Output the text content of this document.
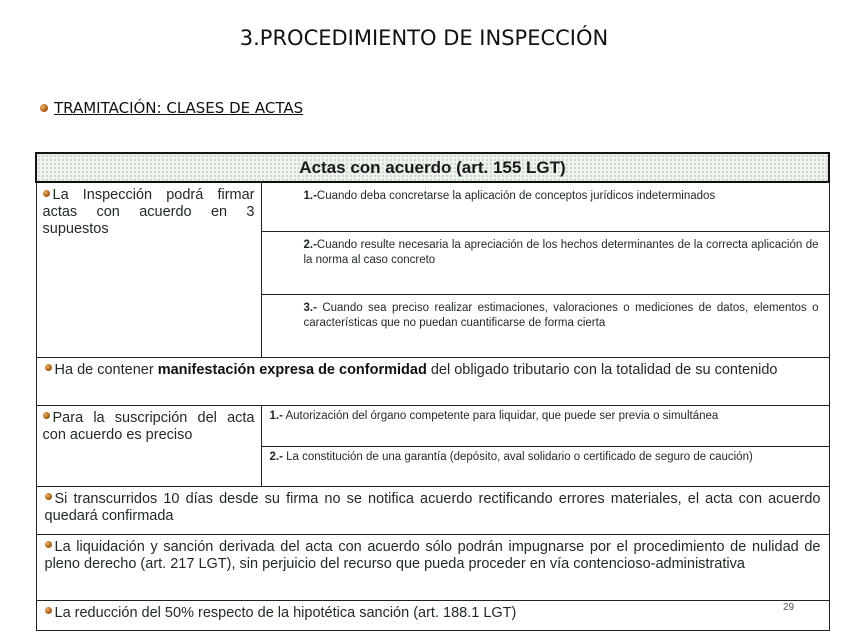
3.PROCEDIMIENTO DE INSPECCIÓN
TRAMITACIÓN: CLASES DE ACTAS
Actas con acuerdo (art. 155 LGT)	
La Inspección podrá firmar actas con acuerdo en 3 supuestos	1.-Cuando deba concretarse la aplicación de conceptos jurídicos indeterminados
	2.-Cuando resulte necesaria la apreciación de los hechos determinantes de la correcta aplicación de la norma al caso concreto
	3.- Cuando sea preciso realizar estimaciones, valoraciones o mediciones de datos, elementos o características que no puedan cuantificarse de forma cierta
Ha de contener manifestación expresa de conformidad del obligado tributario con la totalidad de su contenido	
Para la suscripción del acta con acuerdo es preciso	1.- Autorización del órgano competente para liquidar, que puede ser previa o simultánea
	2.- La constitución de una garantía (depósito, aval solidario o certificado de seguro de caución)
Si transcurridos 10 días desde su firma no se notifica acuerdo rectificando errores materiales, el acta con acuerdo quedará confirmada	
La liquidación y sanción derivada del acta con acuerdo sólo podrán impugnarse por el procedimiento de nulidad de pleno derecho (art. 217 LGT), sin perjuicio del recurso que pueda proceder en vía contencioso-administrativa	
La reducción del 50% respecto de la hipotética sanción (art. 188.1 LGT)		29
